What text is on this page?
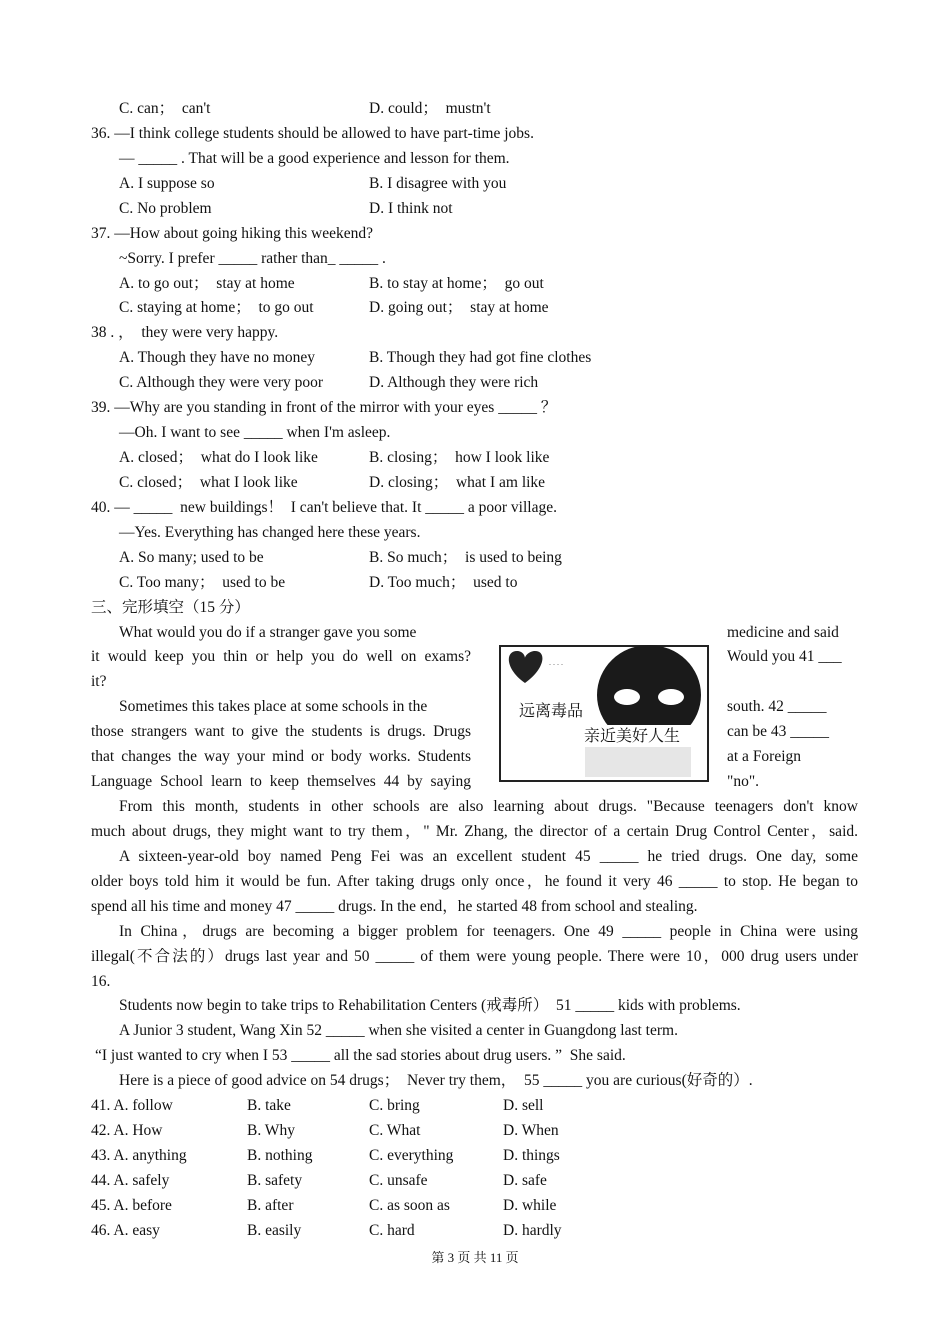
C. can；  can't	D. could；  mustn't
36. —I think college students should be allowed to have part-time jobs.
— _____ . That will be a good experience and lesson for them.
A. I suppose so	B. I disagree with you
C. No problem	D. I think not
37. —How about going hiking this weekend?
~Sorry. I prefer _____ rather than_ _____ .
A. to go out；  stay at home	B. to stay at home；  go out
C. staying at home；  to go out	D. going out；  stay at home
38 . ，  they were very happy.
A. Though they have no money	B. Though they had got fine clothes
C. Although they were very poor	D. Although they were rich
39. —Why are you standing in front of the mirror with your eyes _____ ？
—Oh. I want to see _____ when I'm asleep.
A. closed；  what do I look like	B. closing；  how I look like
C. closed；  what I look like	D. closing；  what I am like
40. — _____  new buildings！  I can't believe that. It _____ a poor village.
—Yes. Everything has changed here these years.
A. So many; used to be	B. So much；  is used to being
C. Too many；  used to be	D. Too much；  used to
三、完形填空（15 分）
What would you do if a stranger gave you some	medicine and said
it would keep you thin or help you do well on exams?	Would you 41 ___
it?
Sometimes this takes place at some schools in the	south. 42 _____
those strangers want to give the students is drugs. Drugs	can be 43 _____
that changes the way your mind or body works. Students	at a Foreign
Language School learn to keep themselves 44 by saying	"no".
From this month, students in other schools are also learning about drugs. "Because teenagers don't know
much about drugs, they might want to try them，" Mr. Zhang, the director of a certain Drug Control Center，said.
A sixteen-year-old boy named Peng Fei was an excellent student 45 _____ he tried drugs. One day, some
older boys told him it would be fun. After taking drugs only once，he found it very 46 _____ to stop. He began to
spend all his time and money 47 _____ drugs. In the end，he started 48 from school and stealing.
In China，drugs are becoming a bigger problem for teenagers. One 49 _____ people in China were using
illegal(不合法的）drugs last year and 50 _____ of them were young people. There were 10，000 drug users under
16.
Students now begin to take trips to Rehabilitation Centers (戒毒所）  51 _____ kids with problems.
A Junior 3 student, Wang Xin 52 _____ when she visited a center in Guangdong last term.
“I just wanted to cry when I 53 _____ all the sad stories about drug users. ”  She said.
Here is a piece of good advice on 54 drugs；  Never try them，  55 _____ you are curious(好奇的）.
41. A. follow	B. take	C. bring	D. sell
42. A. How	B. Why	C. What	D. When
43. A. anything	B. nothing	C. everything	D. things
44. A. safely	B. safety	C. unsafe	D. safe
45. A. before	B. after	C. as soon as	D. while
46. A. easy	B. easily	C. hard	D. hardly
. . . .
远离毒品
亲近美好人生
第 3 页 共 11 页
